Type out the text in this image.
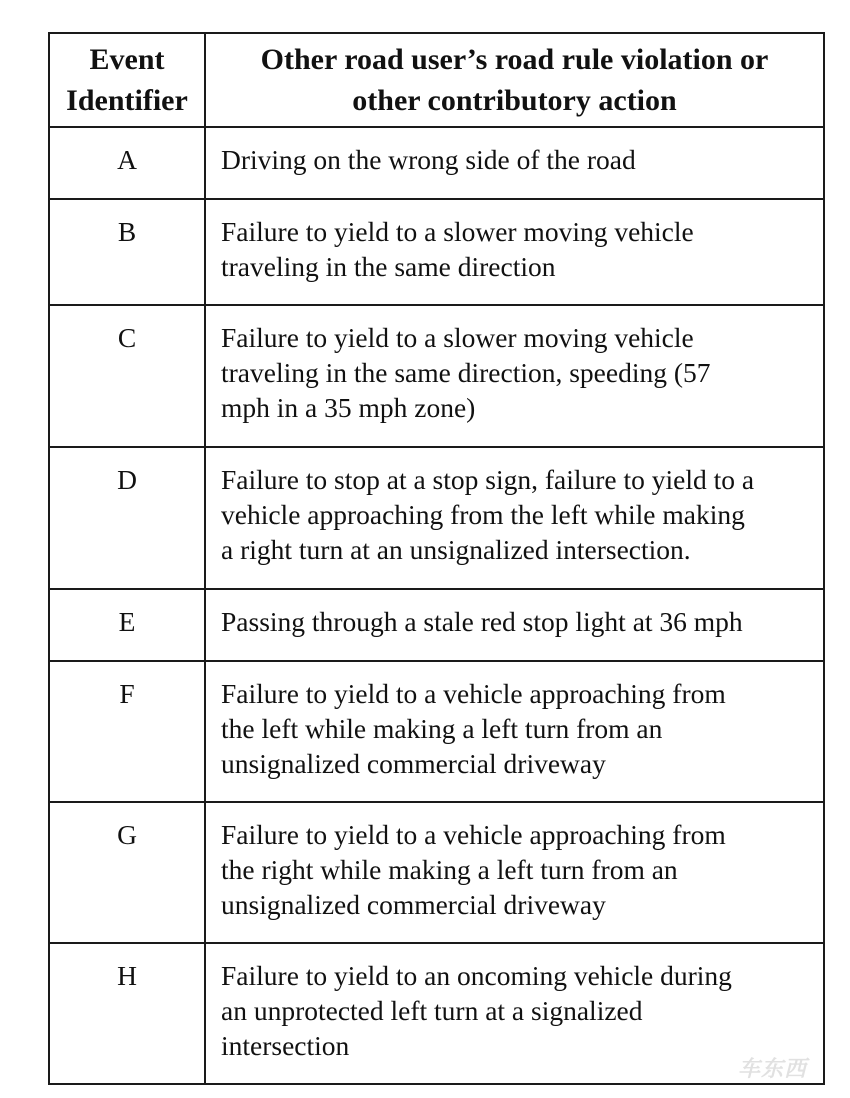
Event
Identifier	Other road user’s road rule violation or
other contributory action

A	Driving on the wrong side of the road

B	Failure to yield to a slower moving vehicle
traveling in the same direction

C	Failure to yield to a slower moving vehicle
traveling in the same direction, speeding (57
mph in a 35 mph zone)

D	Failure to stop at a stop sign, failure to yield to a
vehicle approaching from the left while making
a right turn at an unsignalized intersection.

E	Passing through a stale red stop light at 36 mph

F	Failure to yield to a vehicle approaching from
the left while making a left turn from an
unsignalized commercial driveway

G	Failure to yield to a vehicle approaching from
the right while making a left turn from an
unsignalized commercial driveway

H	Failure to yield to an oncoming vehicle during
an unprotected left turn at a signalized
intersection
车东西
